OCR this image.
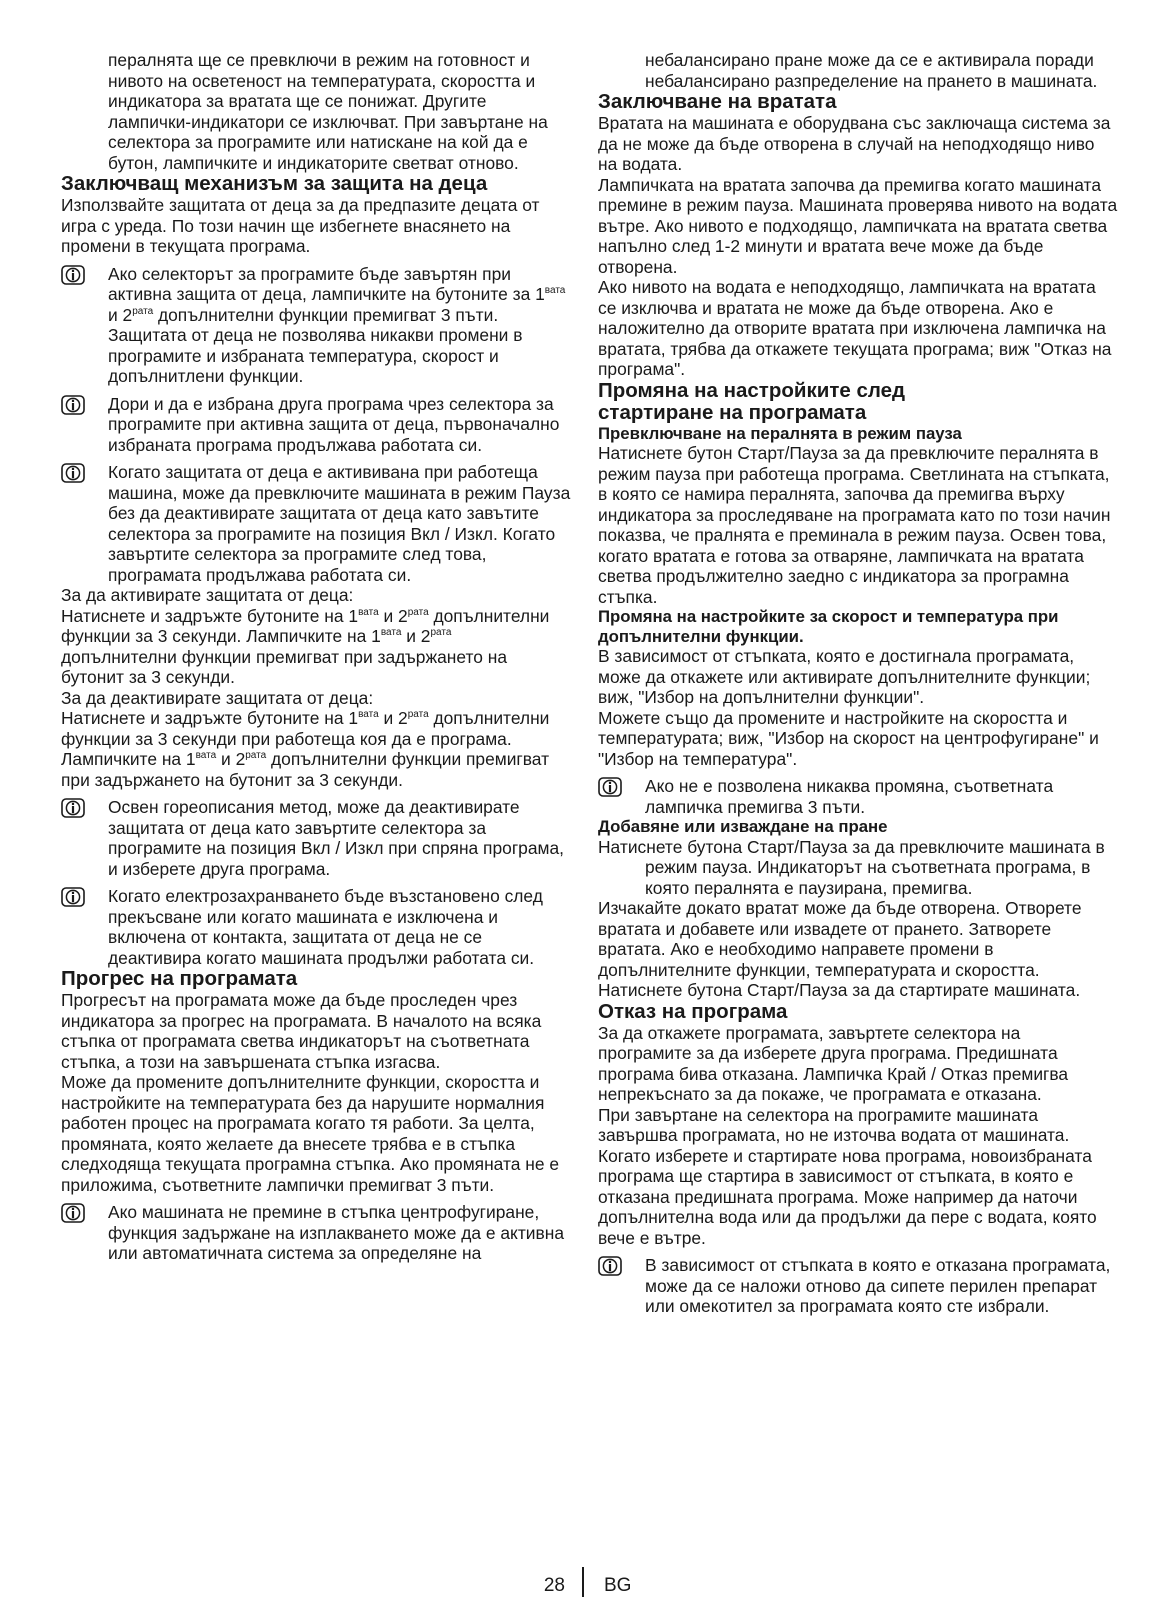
пералнята ще се превключи в режим на готовност и нивото на осветеност на температурата, скоростта и индикатора за вратата ще се понижат. Другите лампички-индикатори се изключват. При завъртане на селектора за програмите или натискане на кой да е бутон, лампичките и индикаторите светват отново.

Заключващ механизъм за защита на деца

Използвайте защитата от деца за да предпазите децата от игра с уреда. По този начин ще избегнете внасянето на промени в текущата програма.

Ако селекторът за програмите бъде завъртян при активна защита от деца, лампичките на бутоните за $1^{вата}$ и $2^{рата}$ допълнителни функции премигват 3 пъти. Защитата от деца не позволява никакви промени в програмите и избраната температура, скорост и допълнитлени функции.

Дори и да е избрана друга програма чрез селектора за програмите при активна защита от деца, първоначално избраната програма продължава работата си.

Когато защитата от деца е актививана при работеща машина, може да превключите машината в режим Пауза без да деактивирате защитата от деца като завътите селектора за програмите на позиция Вкл / Изкл. Когато завъртите селектора за програмите след това, програмата продължава работата си.

За да активирате защитата от деца:

Натиснете и задръжте бутоните на $1^{вата}$ и $2^{рата}$ допълнителни функции за 3 секунди. Лампичките на $1^{вата}$ и $2^{рата}$ допълнителни функции премигват при задържането на бутонит за 3 секунди.

За да деактивирате защитата от деца:

Натиснете и задръжте бутоните на $1^{вата}$ и $2^{рата}$ допълнителни функции за 3 секунди при работеща коя да е програма. Лампичките на $1^{вата}$ и $2^{рата}$ допълнителни функции премигват при задържането на бутонит за 3 секунди.

Освен гореописания метод, може да деактивирате защитата от деца като завъртите селектора за програмите на позиция Вкл / Изкл при спряна програма, и изберете друга програма.

Когато електрозахранването бъде възстановено след прекъсване или когато машината е изключена и включена от контакта, защитата от деца не се деактивира когато машината продължи работата си.

Прогрес на програмата

Прогресът на програмата може да бъде проследен чрез индикатора за прогрес на програмата. В началото на всяка стъпка от програмата светва индикаторът на съответната стъпка, а този на завършената стъпка изгасва.

Може да промените допълнителните функции, скоростта и настройките на температурата без да нарушите нормалния работен процес на програмата когато тя работи. За целта, промяната, която желаете да внесете трябва е в стъпка следходяща текущата програмна стъпка. Ако промяната не е приложима, съответните лампички премигват 3 пъти.

Ако машината не премине в стъпка центрофугиране, функция задържане на изплакването може да е активна или автоматичната система за определяне на

небалансирано пране може да се е активирала поради небалансирано разпределение на прането в машината.

Заключване на вратата

Вратата на машината е оборудвана със заключаща система за да не може да бъде отворена в случай на неподходящо ниво на водата.

Лампичката на вратата започва да премигва когато машината премине в режим пауза. Машината проверява нивото на водата вътре. Ако нивото е подходящо, лампичката на вратата светва напълно след 1-2 минути и вратата вече може да бъде отворена.

Ако нивото на водата е неподходящо, лампичката на вратата се изключва и вратата не може да бъде отворена. Ако е наложително да отворите вратата при изключена лампичка на вратата, трябва да откажете текущата програма; виж "Отказ на програма".

Промяна на настройките след
стартиране на програмата
Превключване на пералнята в режим пауза

Натиснете бутон Старт/Пауза за да превключите пералнята в режим пауза при работеща програма. Светлината на стъпката, в която се намира пералнята, започва да премигва върху индикатора за проследяване на програмата като по този начин показва, че пралнята е преминала в режим пауза. Освен това, когато вратата е готова за отваряне, лампичката на вратата светва продължително заедно с индикатора за програмна стъпка.

Промяна на настройките за скорост и температура при допълнителни функции.

В зависимост от стъпката, която е достигнала програмата, може да откажете или активирате допълнителните функции; виж, "Избор на допълнителни функции".

Можете също да промените и настройките на скоростта и температурата; виж, "Избор на скорост на центрофугиране" и "Избор на температура".

Ако не е позволена никаква промяна, съответната лампичка премигва 3 пъти.

Добавяне или изваждане на пране

Натиснете бутона Старт/Пауза за да превключите машината в режим пауза. Индикаторът на съответната програма, в която пералнята е паузирана, премигва.

Изчакайте докато вратат може да бъде отворена. Отворете вратата и добавете или извадете от прането. Затворете вратата. Ако е необходимо направете промени в допълнителните функции, температурата и скоростта. Натиснете бутона Старт/Пауза за да стартирате машината.

Отказ на програма

За да откажете програмата, завъртете селектора на програмите за да изберете друга програма. Предишната програма бива отказана. Лампичка Край / Отказ премигва непрекъснато за да покаже, че програмата е отказана.

При завъртане на селектора на програмите машината завършва програмата, но не източва водата от машината. Когато изберете и стартирате нова програма, новоизбраната програма ще стартира в зависимост от стъпката, в която е отказана предишната програма. Може например да наточи допълнителна вода или да продължи да пере с водата, която вече е вътре.

В зависимост от стъпката в която е отказана програмата, може да се наложи отново да сипете перилен препарат или омекотител за програмата която сте избрали.

28 BG
